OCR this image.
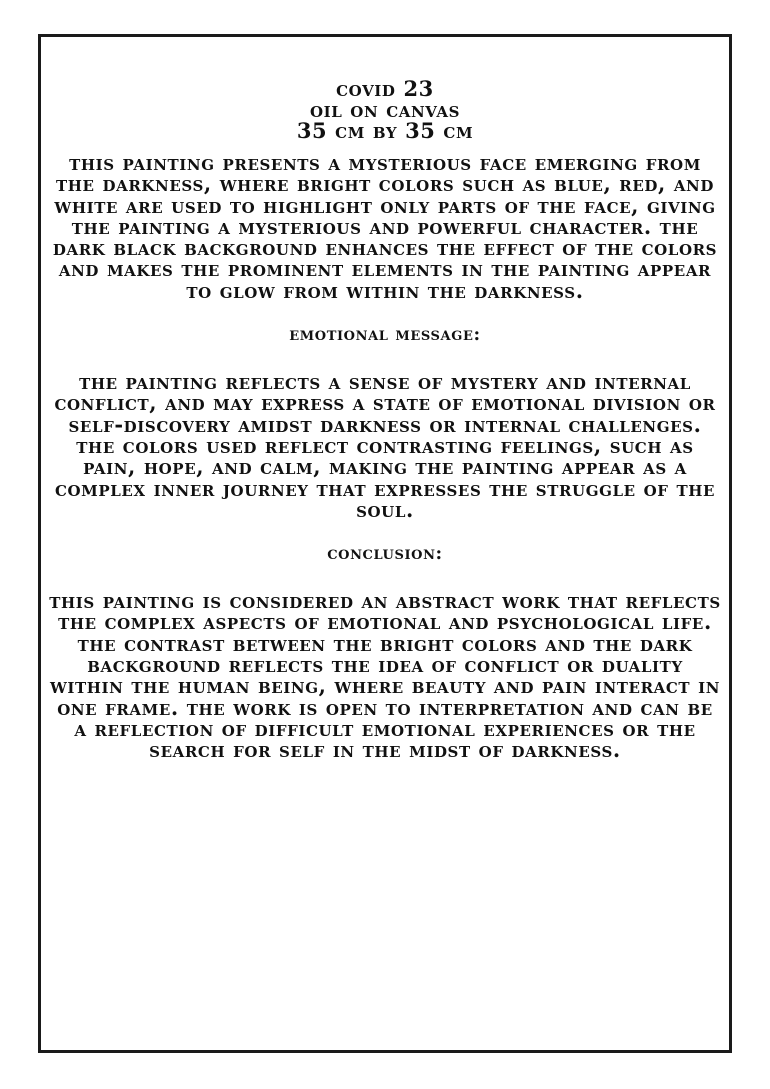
covid 23
oil on canvas
35 cm by 35 cm

this painting presents a mysterious face emerging from the darkness, where bright colors such as blue, red, and white are used to highlight only parts of the face, giving the painting a mysterious and powerful character. the dark black background enhances the effect of the colors and makes the prominent elements in the painting appear to glow from within the darkness.

emotional message:

the painting reflects a sense of mystery and internal conflict, and may express a state of emotional division or self-discovery amidst darkness or internal challenges. the colors used reflect contrasting feelings, such as pain, hope, and calm, making the painting appear as a complex inner journey that expresses the struggle of the soul.

conclusion:

this painting is considered an abstract work that reflects the complex aspects of emotional and psychological life. the contrast between the bright colors and the dark background reflects the idea of conflict or duality within the human being, where beauty and pain interact in one frame. the work is open to interpretation and can be a reflection of difficult emotional experiences or the search for self in the midst of darkness.
